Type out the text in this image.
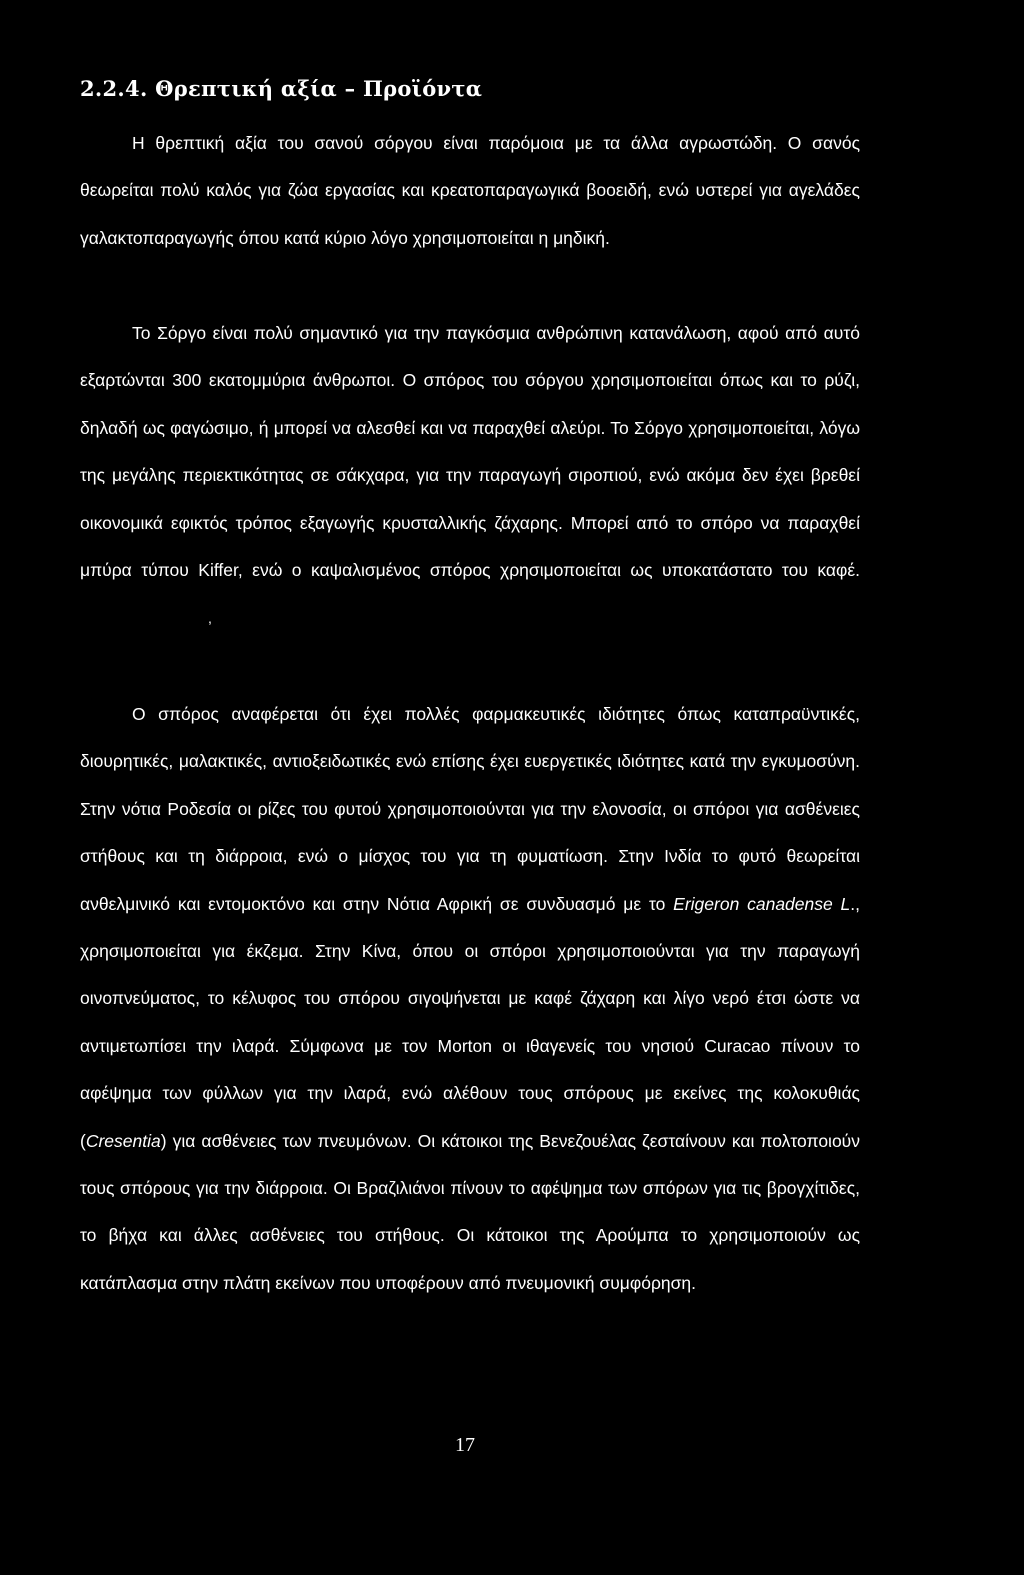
2.2.4. Θρεπτική αξία – Προϊόντα

Η θρεπτική αξία του σανού σόργου είναι παρόμοια με τα άλλα αγρωστώδη. Ο σανός θεωρείται πολύ καλός για ζώα εργασίας και κρεατοπαραγωγικά βοοειδή, ενώ υστερεί για αγελάδες γαλακτοπαραγωγής όπου κατά κύριο λόγο χρησιμοποιείται η μηδική.

Το Σόργο είναι πολύ σημαντικό για την παγκόσμια ανθρώπινη κατανάλωση, αφού από αυτό εξαρτώνται 300 εκατομμύρια άνθρωποι. Ο σπόρος του σόργου χρησιμοποιείται όπως και το ρύζι, δηλαδή ως φαγώσιμο, ή μπορεί να αλεσθεί και να παραχθεί αλεύρι. Το Σόργο χρησιμοποιείται, λόγω της μεγάλης περιεκτικότητας σε σάκχαρα, για την παραγωγή σιροπιού, ενώ ακόμα δεν έχει βρεθεί οικονομικά εφικτός τρόπος εξαγωγής κρυσταλλικής ζάχαρης. Μπορεί από το σπόρο να παραχθεί μπύρα τύπου Kiffer, ενώ ο καψαλισμένος σπόρος χρησιμοποιείται ως υποκατάστατο του καφέ.,

Ο σπόρος αναφέρεται ότι έχει πολλές φαρμακευτικές ιδιότητες όπως καταπραϋντικές, διουρητικές, μαλακτικές, αντιοξειδωτικές ενώ επίσης έχει ευεργετικές ιδιότητες κατά την εγκυμοσύνη. Στην νότια Ροδεσία οι ρίζες του φυτού χρησιμοποιούνται για την ελονοσία, οι σπόροι για ασθένειες στήθους και τη διάρροια, ενώ ο μίσχος του για τη φυματίωση. Στην Ινδία το φυτό θεωρείται ανθελμινικό και εντομοκτόνο και στην Νότια Αφρική σε συνδυασμό με το Erigeron canadense L., χρησιμοποιείται για έκζεμα. Στην Κίνα, όπου οι σπόροι χρησιμοποιούνται για την παραγωγή οινοπνεύματος, το κέλυφος του σπόρου σιγοψήνεται με καφέ ζάχαρη και λίγο νερό έτσι ώστε να αντιμετωπίσει την ιλαρά. Σύμφωνα με τον Morton οι ιθαγενείς του νησιού Curacao πίνουν το αφέψημα των φύλλων για την ιλαρά, ενώ αλέθουν τους σπόρους με εκείνες της κολοκυθιάς (Cresentia) για ασθένειες των πνευμόνων. Οι κάτοικοι της Βενεζουέλας ζεσταίνουν και πολτοποιούν τους σπόρους για την διάρροια. Οι Βραζιλιάνοι πίνουν το αφέψημα των σπόρων για τις βρογχίτιδες, το βήχα και άλλες ασθένειες του στήθους. Οι κάτοικοι της Αρούμπα το χρησιμοποιούν ως κατάπλασμα στην πλάτη εκείνων που υποφέρουν από πνευμονική συμφόρηση.

17
